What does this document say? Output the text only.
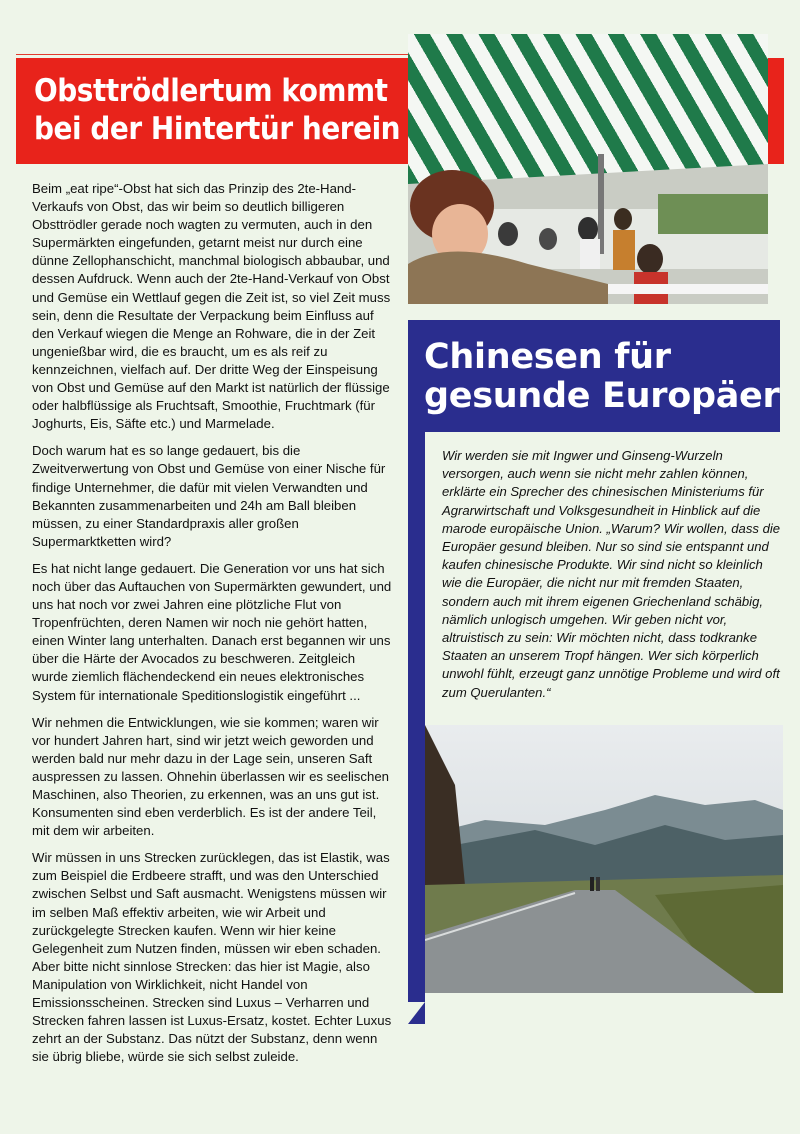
Obsttrödlertum kommt
bei der Hintertür herein

Beim „eat ripe“-Obst hat sich das Prinzip des 2te-Hand-Verkaufs von Obst, das wir beim so deutlich billigeren Obsttrödler gerade noch wagten zu vermuten, auch in den Supermärkten eingefunden, getarnt meist nur durch eine dünne Zellophanschicht, manchmal biologisch abbaubar, und dessen Aufdruck. Wenn auch der 2te-Hand-Verkauf von Obst und Gemüse ein Wettlauf gegen die Zeit ist, so viel Zeit muss sein, denn die Resultate der Verpackung beim Einfluss auf den Verkauf wiegen die Menge an Rohware, die in der Zeit ungenießbar wird, die es braucht, um es als reif zu kennzeichnen, vielfach auf. Der dritte Weg der Einspeisung von Obst und Gemüse auf den Markt ist natürlich der flüssige oder halbflüssige als Fruchtsaft, Smoothie, Fruchtmark (für Joghurts, Eis, Säfte etc.) und Marmelade.

Doch warum hat es so lange gedauert, bis die Zweitverwertung von Obst und Gemüse von einer Nische für findige Unternehmer, die dafür mit vielen Verwandten und Bekannten zusammenarbeiten und 24h am Ball bleiben müssen, zu einer Standardpraxis aller großen Supermarktketten wird?

Es hat nicht lange gedauert. Die Generation vor uns hat sich noch über das Auftauchen von Supermärkten gewundert, und uns hat noch vor zwei Jahren eine plötzliche Flut von Tropenfrüchten, deren Namen wir noch nie gehört hatten, einen Winter lang unterhalten. Danach erst begannen wir uns über die Härte der Avocados zu beschweren. Zeitgleich wurde ziemlich flächendeckend ein neues elektronisches System für internationale Speditionslogistik eingeführt ...

Wir nehmen die Entwicklungen, wie sie kommen; waren wir vor hundert Jahren hart, sind wir jetzt weich geworden und werden bald nur mehr dazu in der Lage sein, unseren Saft auspressen zu lassen. Ohnehin überlassen wir es seelischen Maschinen, also Theorien, zu erkennen, was an uns gut ist. Konsumenten sind eben verderblich. Es ist der andere Teil, mit dem wir arbeiten.

Wir müssen in uns Strecken zurücklegen, das ist Elastik, was zum Beispiel die Erdbeere strafft, und was den Unterschied zwischen Selbst und Saft ausmacht. Wenigstens müssen wir im selben Maß effektiv arbeiten, wie wir Arbeit und zurückgelegte Strecken kaufen. Wenn wir hier keine Gelegenheit zum Nutzen finden, müssen wir eben schaden. Aber bitte nicht sinnlose Strecken: das hier ist Magie, also Manipulation von Wirklichkeit, nicht Handel von Emissionsscheinen. Strecken sind Luxus – Verharren und Strecken fahren lassen ist Luxus-Ersatz, kostet. Echter Luxus zehrt an der Substanz. Das nützt der Substanz, denn wenn sie übrig bliebe, würde sie sich selbst zuleide.

Chinesen für
gesunde Europäer

Wir werden sie mit Ingwer und Ginseng-Wurzeln versorgen, auch wenn sie nicht mehr zahlen können, erklärte ein Sprecher des chinesischen Ministeriums für Agrarwirtschaft und Volksgesundheit in Hinblick auf die marode europäische Union. „Warum? Wir wollen, dass die Europäer gesund bleiben. Nur so sind sie entspannt und kaufen chinesische Produkte. Wir sind nicht so kleinlich wie die Europäer, die nicht nur mit fremden Staaten, sondern auch mit ihrem eigenen Griechenland schäbig, nämlich unlogisch umgehen. Wir geben nicht vor, altruistisch zu sein: Wir möchten nicht, dass todkranke Staaten an unserem Tropf hängen. Wer sich körperlich unwohl fühlt, erzeugt ganz unnötige Probleme und wird oft zum Querulanten.“
